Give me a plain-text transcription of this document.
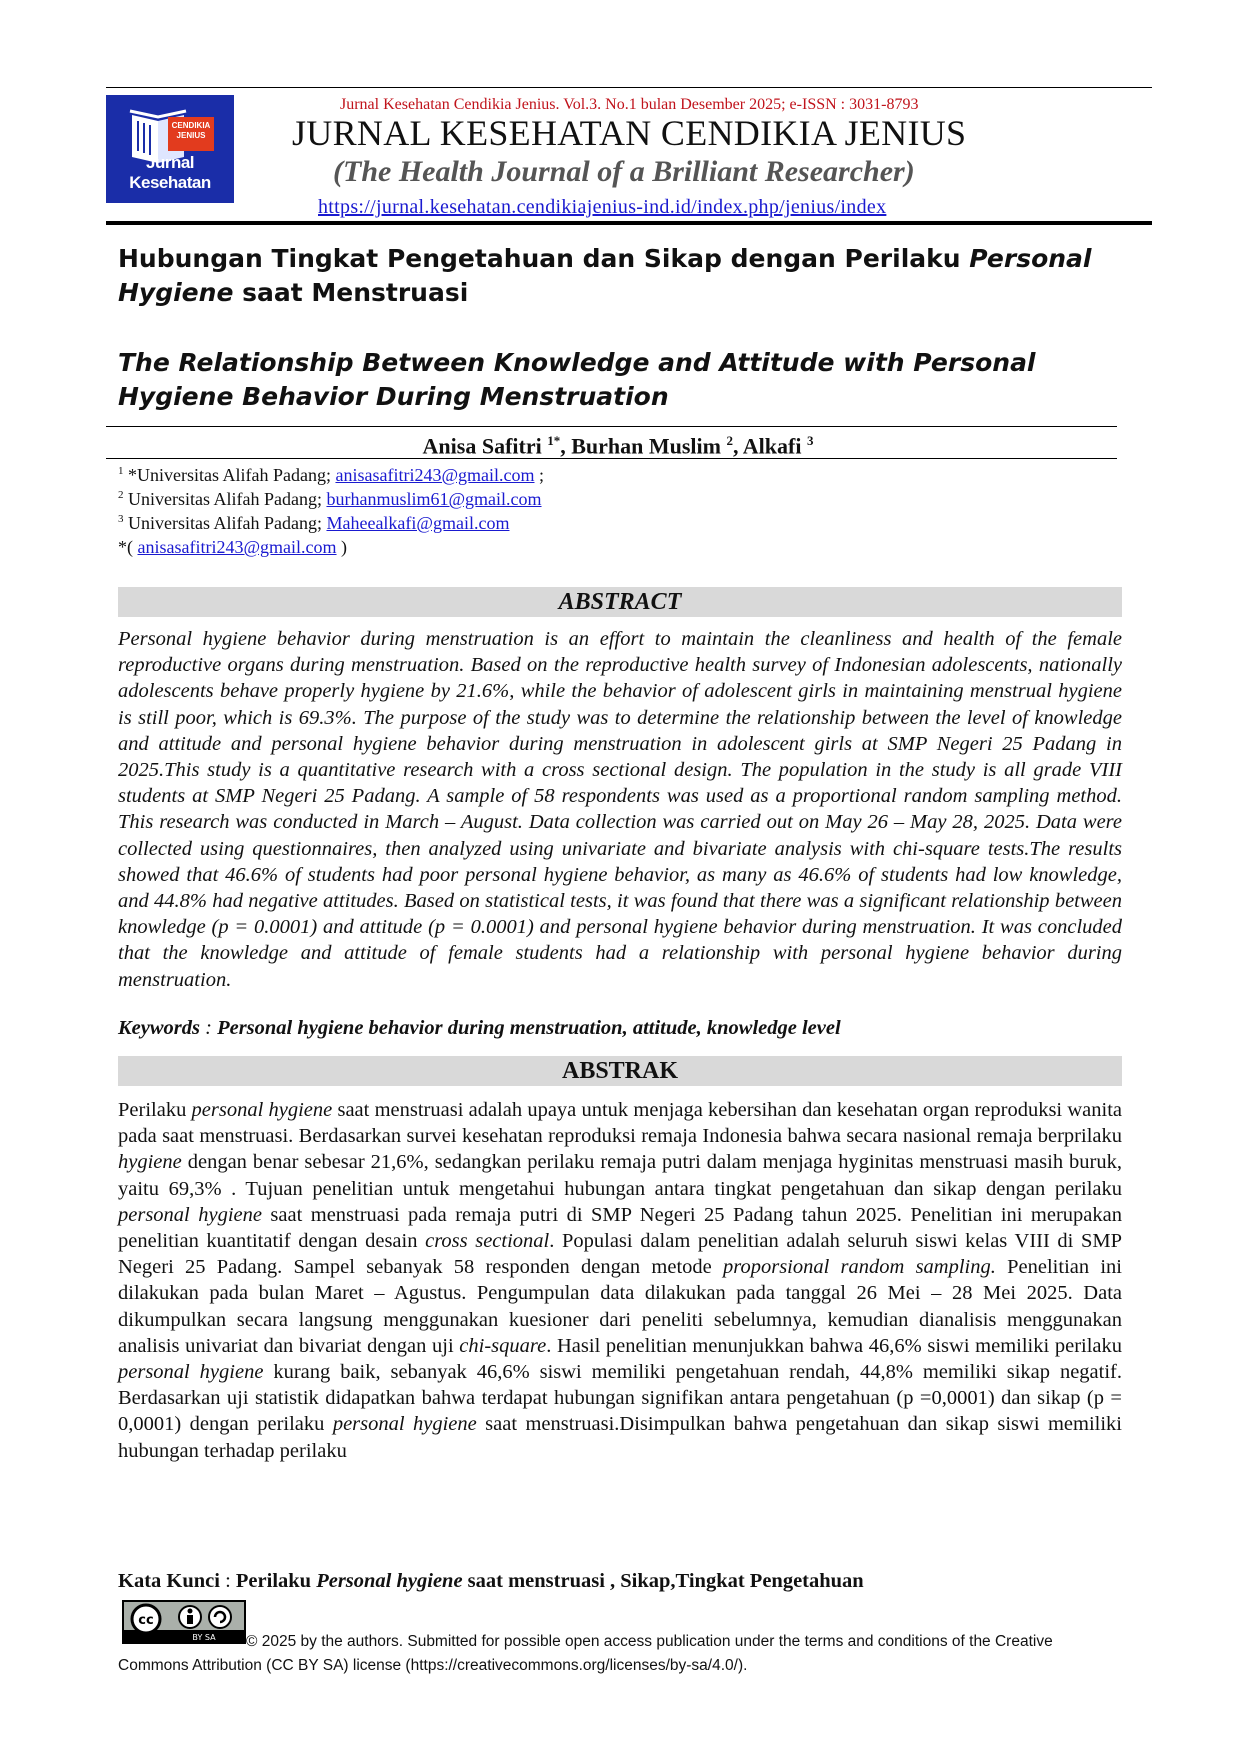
CENDIKIA JENIUS
Jurnal Kesehatan
Jurnal Kesehatan Cendikia Jenius. Vol.3. No.1 bulan Desember 2025; e-ISSN : 3031-8793
JURNAL KESEHATAN CENDIKIA JENIUS
(The Health Journal of a Brilliant Researcher)
https://jurnal.kesehatan.cendikiajenius-ind.id/index.php/jenius/index
Hubungan Tingkat Pengetahuan dan Sikap dengan Perilaku Personal Hygiene saat Menstruasi
The Relationship Between Knowledge and Attitude with Personal Hygiene Behavior During Menstruation
Anisa Safitri $^{1*}$, Burhan Muslim $^2$, Alkafi $^3$
$^1$ *Universitas Alifah Padang; anisasafitri243@gmail.com ;
$^2$ Universitas Alifah Padang; burhanmuslim61@gmail.com
$^3$ Universitas Alifah Padang; Maheealkafi@gmail.com
*( anisasafitri243@gmail.com )
ABSTRACT
Personal hygiene behavior during menstruation is an effort to maintain the cleanliness and health of the female reproductive organs during menstruation. Based on the reproductive health survey of Indonesian adolescents, nationally adolescents behave properly hygiene by 21.6%, while the behavior of adolescent girls in maintaining menstrual hygiene is still poor, which is 69.3%. The purpose of the study was to determine the relationship between the level of knowledge and attitude and personal hygiene behavior during menstruation in adolescent girls at SMP Negeri 25 Padang in 2025.This study is a quantitative research with a cross sectional design. The population in the study is all grade VIII students at SMP Negeri 25 Padang. A sample of 58 respondents was used as a proportional random sampling method. This research was conducted in March – August. Data collection was carried out on May 26 – May 28, 2025. Data were collected using questionnaires, then analyzed using univariate and bivariate analysis with chi-square tests.The results showed that 46.6% of students had poor personal hygiene behavior, as many as 46.6% of students had low knowledge, and 44.8% had negative attitudes. Based on statistical tests, it was found that there was a significant relationship between knowledge (p = 0.0001) and attitude (p = 0.0001) and personal hygiene behavior during menstruation. It was concluded that the knowledge and attitude of female students had a relationship with personal hygiene behavior during menstruation.
Keywords : Personal hygiene behavior during menstruation, attitude, knowledge level
ABSTRAK
Perilaku personal hygiene saat menstruasi adalah upaya untuk menjaga kebersihan dan kesehatan organ reproduksi wanita pada saat menstruasi. Berdasarkan survei kesehatan reproduksi remaja Indonesia bahwa secara nasional remaja berprilaku hygiene dengan benar sebesar 21,6%, sedangkan perilaku remaja putri dalam menjaga hyginitas menstruasi masih buruk, yaitu 69,3% . Tujuan penelitian untuk mengetahui hubungan antara tingkat pengetahuan dan sikap dengan perilaku personal hygiene saat menstruasi pada remaja putri di SMP Negeri 25 Padang tahun 2025. Penelitian ini merupakan penelitian kuantitatif dengan desain cross sectional. Populasi dalam penelitian adalah seluruh siswi kelas VIII di SMP Negeri 25 Padang. Sampel sebanyak 58 responden dengan metode proporsional random sampling. Penelitian ini dilakukan pada bulan Maret – Agustus. Pengumpulan data dilakukan pada tanggal 26 Mei – 28 Mei 2025. Data dikumpulkan secara langsung menggunakan kuesioner dari peneliti sebelumnya, kemudian dianalisis menggunakan analisis univariat dan bivariat dengan uji chi-square. Hasil penelitian menunjukkan bahwa 46,6% siswi memiliki perilaku personal hygiene kurang baik, sebanyak 46,6% siswi memiliki pengetahuan rendah, 44,8% memiliki sikap negatif. Berdasarkan uji statistik didapatkan bahwa terdapat hubungan signifikan antara pengetahuan (p =0,0001) dan sikap (p = 0,0001) dengan perilaku personal hygiene saat menstruasi.Disimpulkan bahwa pengetahuan dan sikap siswi memiliki hubungan terhadap perilaku
Kata Kunci : Perilaku Personal hygiene saat menstruasi , Sikap,Tingkat Pengetahuan
cc
BY SA	© 2025 by the authors. Submitted for possible open access publication under the terms and conditions of the Creative
Commons Attribution (CC BY SA) license (https://creativecommons.org/licenses/by-sa/4.0/).
